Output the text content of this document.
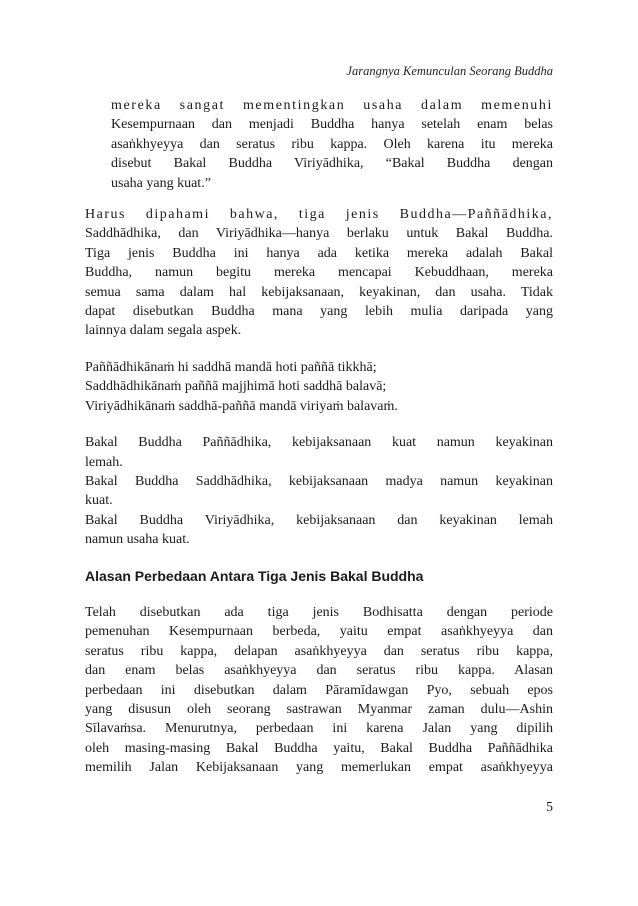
Jarangnya Kemunculan Seorang Buddha
mereka sangat mementingkan usaha dalam memenuhi
Kesempurnaan dan menjadi Buddha hanya setelah enam belas
asaṅkhyeyya dan seratus ribu kappa. Oleh karena itu mereka
disebut Bakal Buddha Viriyādhika, “Bakal Buddha dengan
usaha yang kuat.”
Harus dipahami bahwa, tiga jenis Buddha—Paññādhika,
Saddhādhika, dan Viriyādhika—hanya berlaku untuk Bakal Buddha.
Tiga jenis Buddha ini hanya ada ketika mereka adalah Bakal
Buddha, namun begitu mereka mencapai Kebuddhaan, mereka
semua sama dalam hal kebijaksanaan, keyakinan, dan usaha. Tidak
dapat disebutkan Buddha mana yang lebih mulia daripada yang
lainnya dalam segala aspek.
Paññādhikānaṁ hi saddhā mandā hoti paññā tikkhā;
Saddhādhikānaṁ paññā majjhimā hoti saddhā balavā;
Viriyādhikānaṁ saddhā-paññā mandā viriyaṁ balavaṁ.
Bakal Buddha Paññādhika, kebijaksanaan kuat namun keyakinan
lemah.
Bakal Buddha Saddhādhika, kebijaksanaan madya namun keyakinan
kuat.
Bakal Buddha Viriyādhika, kebijaksanaan dan keyakinan lemah
namun usaha kuat.
Alasan Perbedaan Antara Tiga Jenis Bakal Buddha
Telah disebutkan ada tiga jenis Bodhisatta dengan periode
pemenuhan Kesempurnaan berbeda, yaitu empat asaṅkhyeyya dan
seratus ribu kappa, delapan asaṅkhyeyya dan seratus ribu kappa,
dan enam belas asaṅkhyeyya dan seratus ribu kappa. Alasan
perbedaan ini disebutkan dalam Pāramīdawgan Pyo, sebuah epos
yang disusun oleh seorang sastrawan Myanmar zaman dulu—Ashin
Sīlavaṁsa. Menurutnya, perbedaan ini karena Jalan yang dipilih
oleh masing-masing Bakal Buddha yaitu, Bakal Buddha Paññādhika
memilih Jalan Kebijaksanaan yang memerlukan empat asaṅkhyeyya
5
